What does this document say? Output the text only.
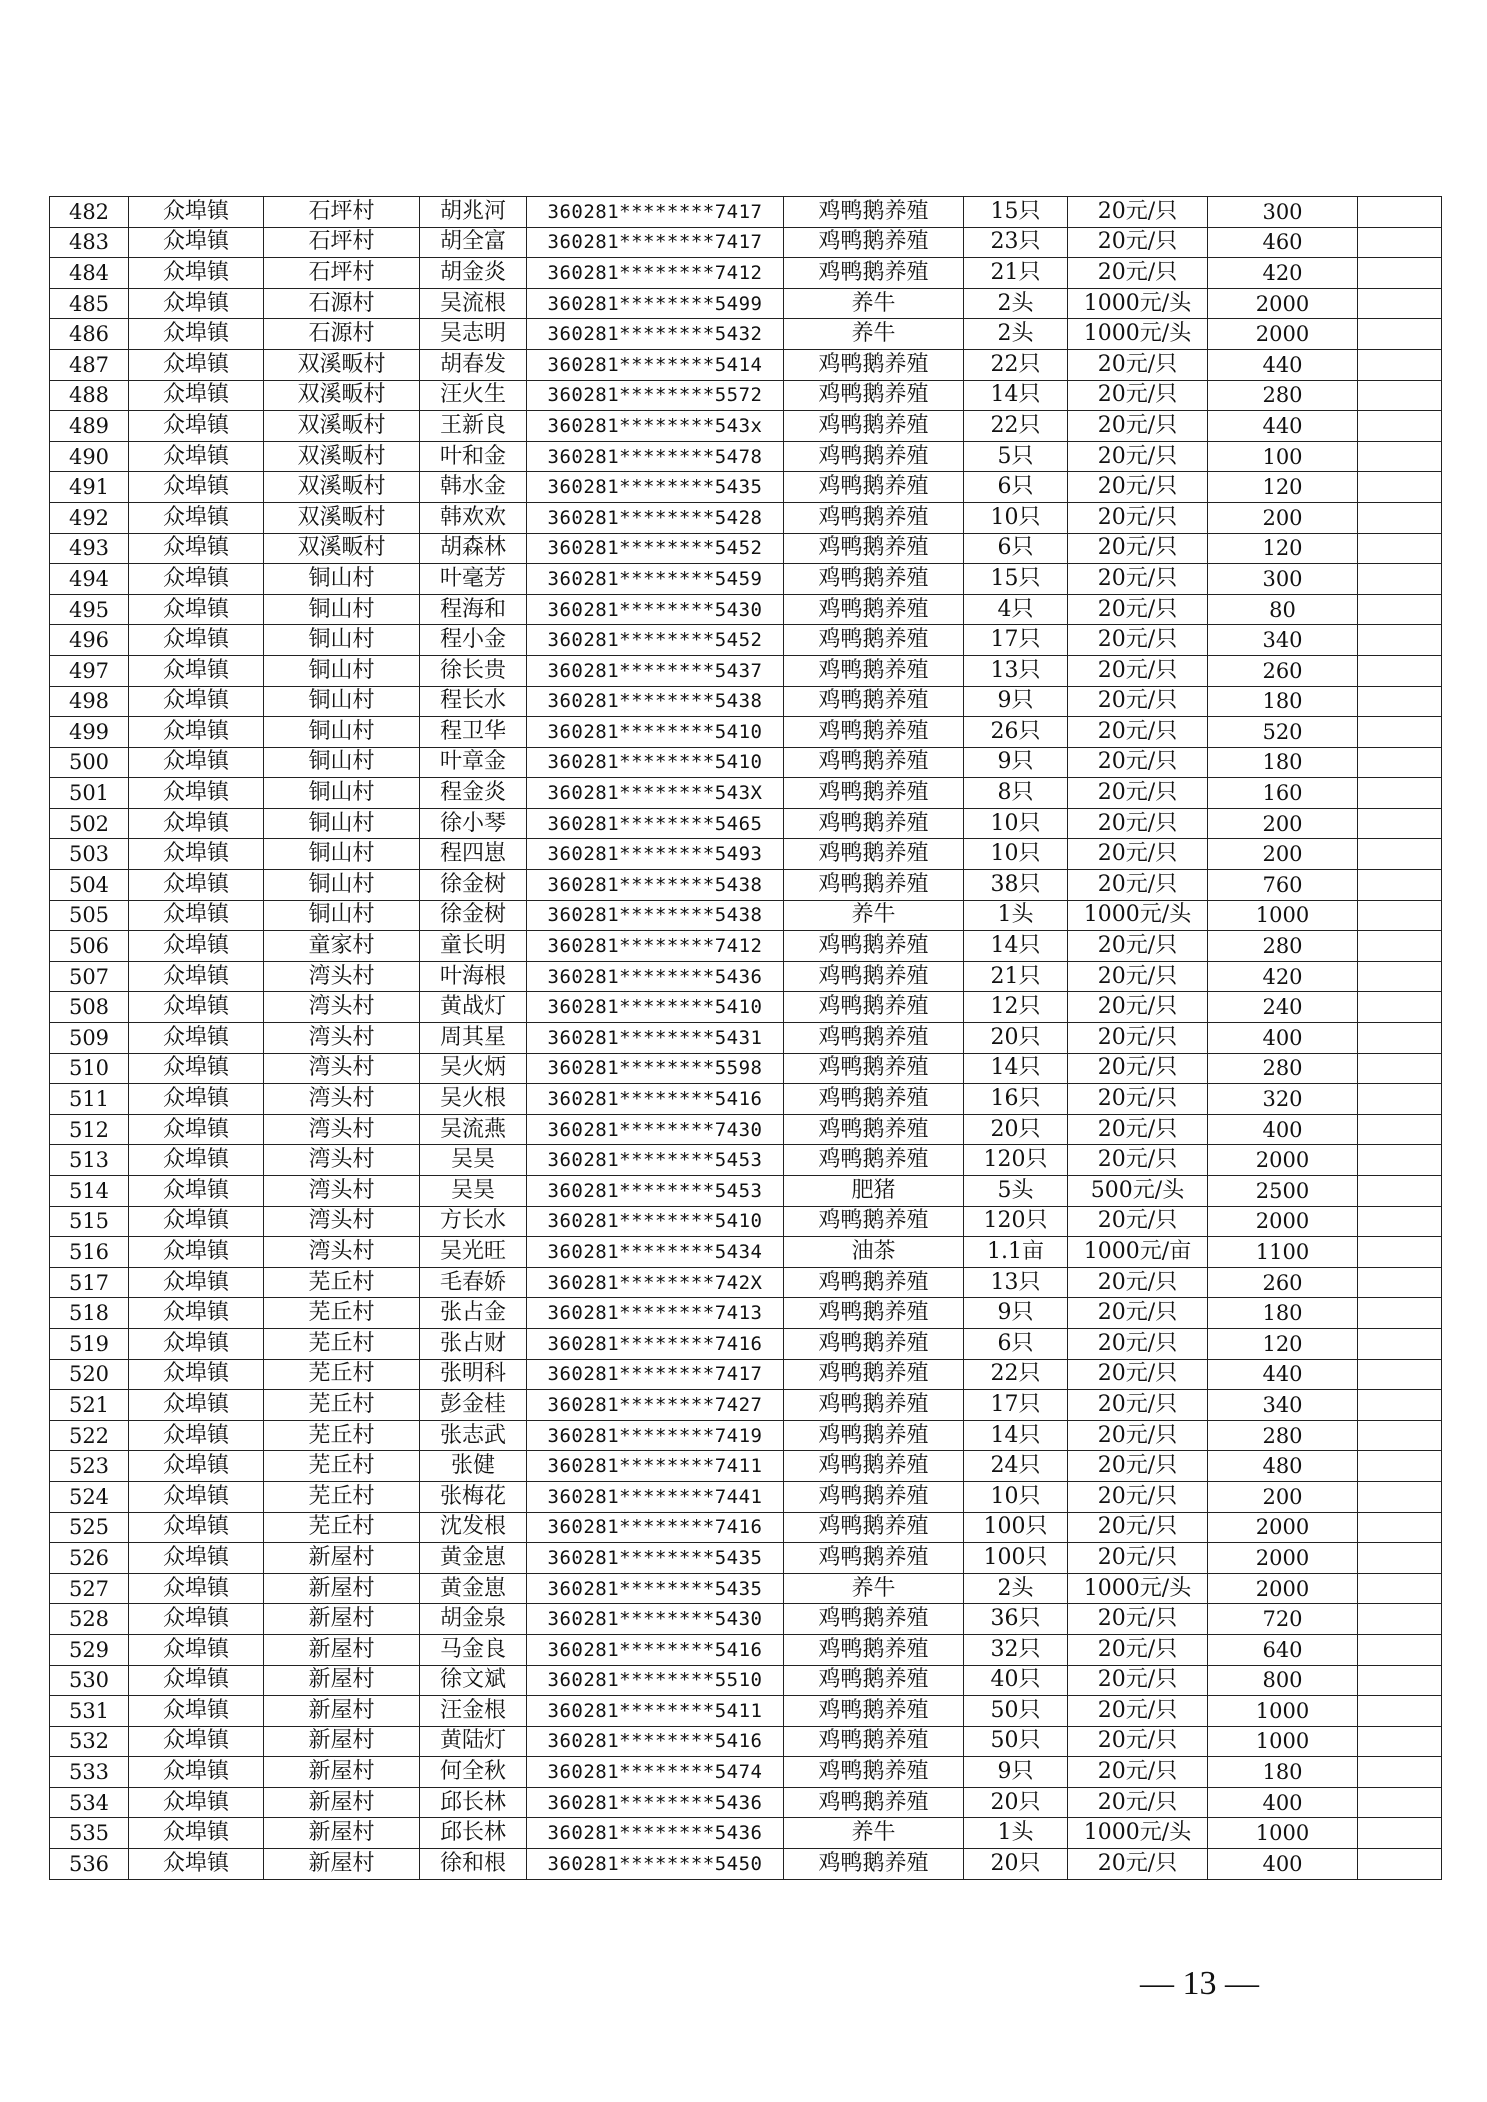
482	众埠镇	石坪村	胡兆河	360281********7417	鸡鸭鹅养殖	15只	20元/只	300	
483	众埠镇	石坪村	胡全富	360281********7417	鸡鸭鹅养殖	23只	20元/只	460	
484	众埠镇	石坪村	胡金炎	360281********7412	鸡鸭鹅养殖	21只	20元/只	420	
485	众埠镇	石源村	吴流根	360281********5499	养牛	2头	1000元/头	2000	
486	众埠镇	石源村	吴志明	360281********5432	养牛	2头	1000元/头	2000	
487	众埠镇	双溪畈村	胡春发	360281********5414	鸡鸭鹅养殖	22只	20元/只	440	
488	众埠镇	双溪畈村	汪火生	360281********5572	鸡鸭鹅养殖	14只	20元/只	280	
489	众埠镇	双溪畈村	王新良	360281********543x	鸡鸭鹅养殖	22只	20元/只	440	
490	众埠镇	双溪畈村	叶和金	360281********5478	鸡鸭鹅养殖	5只	20元/只	100	
491	众埠镇	双溪畈村	韩水金	360281********5435	鸡鸭鹅养殖	6只	20元/只	120	
492	众埠镇	双溪畈村	韩欢欢	360281********5428	鸡鸭鹅养殖	10只	20元/只	200	
493	众埠镇	双溪畈村	胡森林	360281********5452	鸡鸭鹅养殖	6只	20元/只	120	
494	众埠镇	铜山村	叶毫芳	360281********5459	鸡鸭鹅养殖	15只	20元/只	300	
495	众埠镇	铜山村	程海和	360281********5430	鸡鸭鹅养殖	4只	20元/只	80	
496	众埠镇	铜山村	程小金	360281********5452	鸡鸭鹅养殖	17只	20元/只	340	
497	众埠镇	铜山村	徐长贵	360281********5437	鸡鸭鹅养殖	13只	20元/只	260	
498	众埠镇	铜山村	程长水	360281********5438	鸡鸭鹅养殖	9只	20元/只	180	
499	众埠镇	铜山村	程卫华	360281********5410	鸡鸭鹅养殖	26只	20元/只	520	
500	众埠镇	铜山村	叶章金	360281********5410	鸡鸭鹅养殖	9只	20元/只	180	
501	众埠镇	铜山村	程金炎	360281********543X	鸡鸭鹅养殖	8只	20元/只	160	
502	众埠镇	铜山村	徐小琴	360281********5465	鸡鸭鹅养殖	10只	20元/只	200	
503	众埠镇	铜山村	程四崽	360281********5493	鸡鸭鹅养殖	10只	20元/只	200	
504	众埠镇	铜山村	徐金树	360281********5438	鸡鸭鹅养殖	38只	20元/只	760	
505	众埠镇	铜山村	徐金树	360281********5438	养牛	1头	1000元/头	1000	
506	众埠镇	童家村	童长明	360281********7412	鸡鸭鹅养殖	14只	20元/只	280	
507	众埠镇	湾头村	叶海根	360281********5436	鸡鸭鹅养殖	21只	20元/只	420	
508	众埠镇	湾头村	黄战灯	360281********5410	鸡鸭鹅养殖	12只	20元/只	240	
509	众埠镇	湾头村	周其星	360281********5431	鸡鸭鹅养殖	20只	20元/只	400	
510	众埠镇	湾头村	吴火炳	360281********5598	鸡鸭鹅养殖	14只	20元/只	280	
511	众埠镇	湾头村	吴火根	360281********5416	鸡鸭鹅养殖	16只	20元/只	320	
512	众埠镇	湾头村	吴流燕	360281********7430	鸡鸭鹅养殖	20只	20元/只	400	
513	众埠镇	湾头村	吴昊	360281********5453	鸡鸭鹅养殖	120只	20元/只	2000	
514	众埠镇	湾头村	吴昊	360281********5453	肥猪	5头	500元/头	2500	
515	众埠镇	湾头村	方长水	360281********5410	鸡鸭鹅养殖	120只	20元/只	2000	
516	众埠镇	湾头村	吴光旺	360281********5434	油茶	1.1亩	1000元/亩	1100	
517	众埠镇	芜丘村	毛春娇	360281********742X	鸡鸭鹅养殖	13只	20元/只	260	
518	众埠镇	芜丘村	张占金	360281********7413	鸡鸭鹅养殖	9只	20元/只	180	
519	众埠镇	芜丘村	张占财	360281********7416	鸡鸭鹅养殖	6只	20元/只	120	
520	众埠镇	芜丘村	张明科	360281********7417	鸡鸭鹅养殖	22只	20元/只	440	
521	众埠镇	芜丘村	彭金桂	360281********7427	鸡鸭鹅养殖	17只	20元/只	340	
522	众埠镇	芜丘村	张志武	360281********7419	鸡鸭鹅养殖	14只	20元/只	280	
523	众埠镇	芜丘村	张健	360281********7411	鸡鸭鹅养殖	24只	20元/只	480	
524	众埠镇	芜丘村	张梅花	360281********7441	鸡鸭鹅养殖	10只	20元/只	200	
525	众埠镇	芜丘村	沈发根	360281********7416	鸡鸭鹅养殖	100只	20元/只	2000	
526	众埠镇	新屋村	黄金崽	360281********5435	鸡鸭鹅养殖	100只	20元/只	2000	
527	众埠镇	新屋村	黄金崽	360281********5435	养牛	2头	1000元/头	2000	
528	众埠镇	新屋村	胡金泉	360281********5430	鸡鸭鹅养殖	36只	20元/只	720	
529	众埠镇	新屋村	马金良	360281********5416	鸡鸭鹅养殖	32只	20元/只	640	
530	众埠镇	新屋村	徐文斌	360281********5510	鸡鸭鹅养殖	40只	20元/只	800	
531	众埠镇	新屋村	汪金根	360281********5411	鸡鸭鹅养殖	50只	20元/只	1000	
532	众埠镇	新屋村	黄陆灯	360281********5416	鸡鸭鹅养殖	50只	20元/只	1000	
533	众埠镇	新屋村	何全秋	360281********5474	鸡鸭鹅养殖	9只	20元/只	180	
534	众埠镇	新屋村	邱长林	360281********5436	鸡鸭鹅养殖	20只	20元/只	400	
535	众埠镇	新屋村	邱长林	360281********5436	养牛	1头	1000元/头	1000	
536	众埠镇	新屋村	徐和根	360281********5450	鸡鸭鹅养殖	20只	20元/只	400	
— 13 —
